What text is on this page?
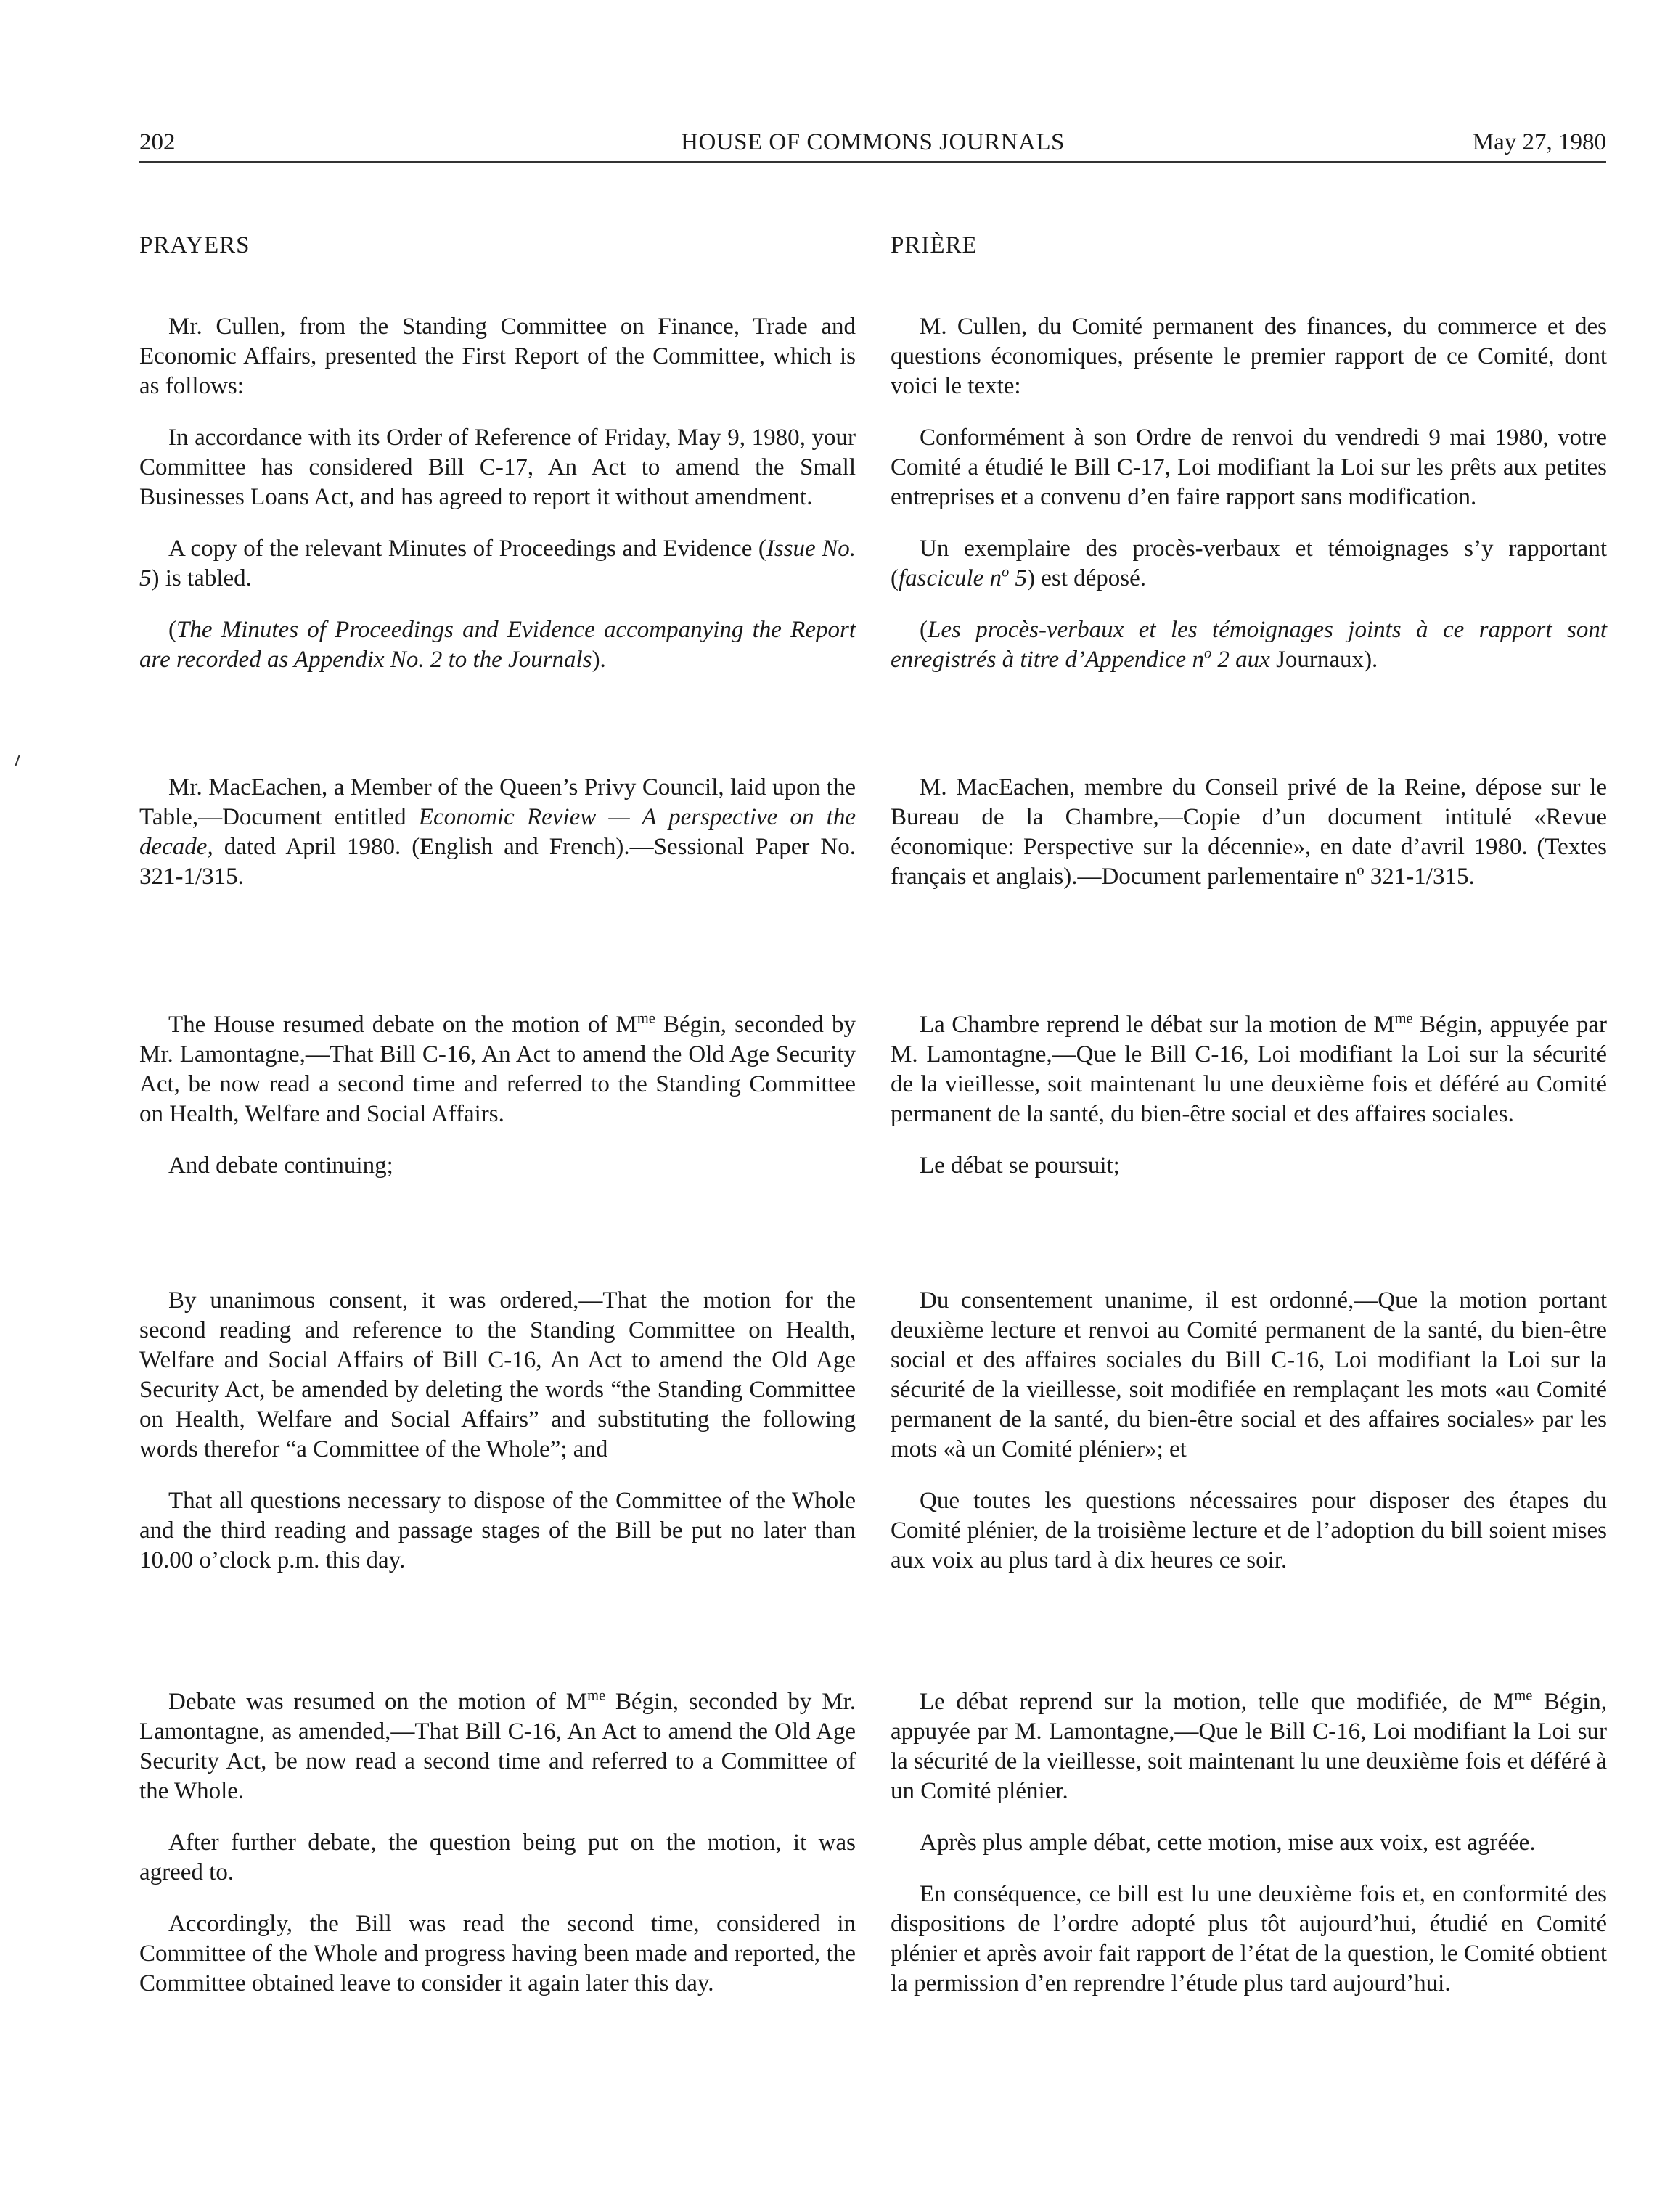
202	HOUSE OF COMMONS JOURNALS	May 27, 1980
PRAYERS

Mr. Cullen, from the Standing Committee on Finance, Trade and Economic Affairs, presented the First Report of the Committee, which is as follows:

In accordance with its Order of Reference of Friday, May 9, 1980, your Committee has considered Bill C-17, An Act to amend the Small Businesses Loans Act, and has agreed to report it without amendment.

A copy of the relevant Minutes of Proceedings and Evidence (Issue No. 5) is tabled.

(The Minutes of Proceedings and Evidence accompanying the Report are recorded as Appendix No. 2 to the Journals).

Mr. MacEachen, a Member of the Queen’s Privy Council, laid upon the Table,—Document entitled Economic Review — A perspective on the decade, dated April 1980. (English and French).—Sessional Paper No. 321-1/315.

The House resumed debate on the motion of $M^{me}$ Bégin, seconded by Mr. Lamontagne,—That Bill C-16, An Act to amend the Old Age Security Act, be now read a second time and referred to the Standing Committee on Health, Welfare and Social Affairs.

And debate continuing;

By unanimous consent, it was ordered,—That the motion for the second reading and reference to the Standing Committee on Health, Welfare and Social Affairs of Bill C-16, An Act to amend the Old Age Security Act, be amended by deleting the words “the Standing Committee on Health, Welfare and Social Affairs” and substituting the following words therefor “a Committee of the Whole”; and

That all questions necessary to dispose of the Committee of the Whole and the third reading and passage stages of the Bill be put no later than 10.00 o’clock p.m. this day.

Debate was resumed on the motion of $M^{me}$ Bégin, seconded by Mr. Lamontagne, as amended,—That Bill C-16, An Act to amend the Old Age Security Act, be now read a second time and referred to a Committee of the Whole.

After further debate, the question being put on the motion, it was agreed to.

Accordingly, the Bill was read the second time, considered in Committee of the Whole and progress having been made and reported, the Committee obtained leave to consider it again later this day.

PRIÈRE

M. Cullen, du Comité permanent des finances, du commerce et des questions économiques, présente le premier rapport de ce Comité, dont voici le texte:

Conformément à son Ordre de renvoi du vendredi 9 mai 1980, votre Comité a étudié le Bill C-17, Loi modifiant la Loi sur les prêts aux petites entreprises et a convenu d’en faire rapport sans modification.

Un exemplaire des procès-verbaux et témoignages s’y rapportant (fascicule $n^o$ 5) est déposé.

(Les procès-verbaux et les témoignages joints à ce rapport sont enregistrés à titre d’Appendice $n^o$ 2 aux Journaux).

M. MacEachen, membre du Conseil privé de la Reine, dépose sur le Bureau de la Chambre,—Copie d’un document intitulé «Revue économique: Perspective sur la décennie», en date d’avril 1980. (Textes français et anglais).—Document parlementaire $n^o$ 321-1/315.

La Chambre reprend le débat sur la motion de $M^{me}$ Bégin, appuyée par M. Lamontagne,—Que le Bill C-16, Loi modifiant la Loi sur la sécurité de la vieillesse, soit maintenant lu une deuxième fois et déféré au Comité permanent de la santé, du bien-être social et des affaires sociales.

Le débat se poursuit;

Du consentement unanime, il est ordonné,—Que la motion portant deuxième lecture et renvoi au Comité permanent de la santé, du bien-être social et des affaires sociales du Bill C-16, Loi modifiant la Loi sur la sécurité de la vieillesse, soit modifiée en remplaçant les mots «au Comité permanent de la santé, du bien-être social et des affaires sociales» par les mots «à un Comité plénier»; et

Que toutes les questions nécessaires pour disposer des étapes du Comité plénier, de la troisième lecture et de l’adoption du bill soient mises aux voix au plus tard à dix heures ce soir.

Le débat reprend sur la motion, telle que modifiée, de $M^{me}$ Bégin, appuyée par M. Lamontagne,—Que le Bill C-16, Loi modifiant la Loi sur la sécurité de la vieillesse, soit maintenant lu une deuxième fois et déféré à un Comité plénier.

Après plus ample débat, cette motion, mise aux voix, est agréée.

En conséquence, ce bill est lu une deuxième fois et, en conformité des dispositions de l’ordre adopté plus tôt aujourd’hui, étudié en Comité plénier et après avoir fait rapport de l’état de la question, le Comité obtient la permission d’en reprendre l’étude plus tard aujourd’hui.
